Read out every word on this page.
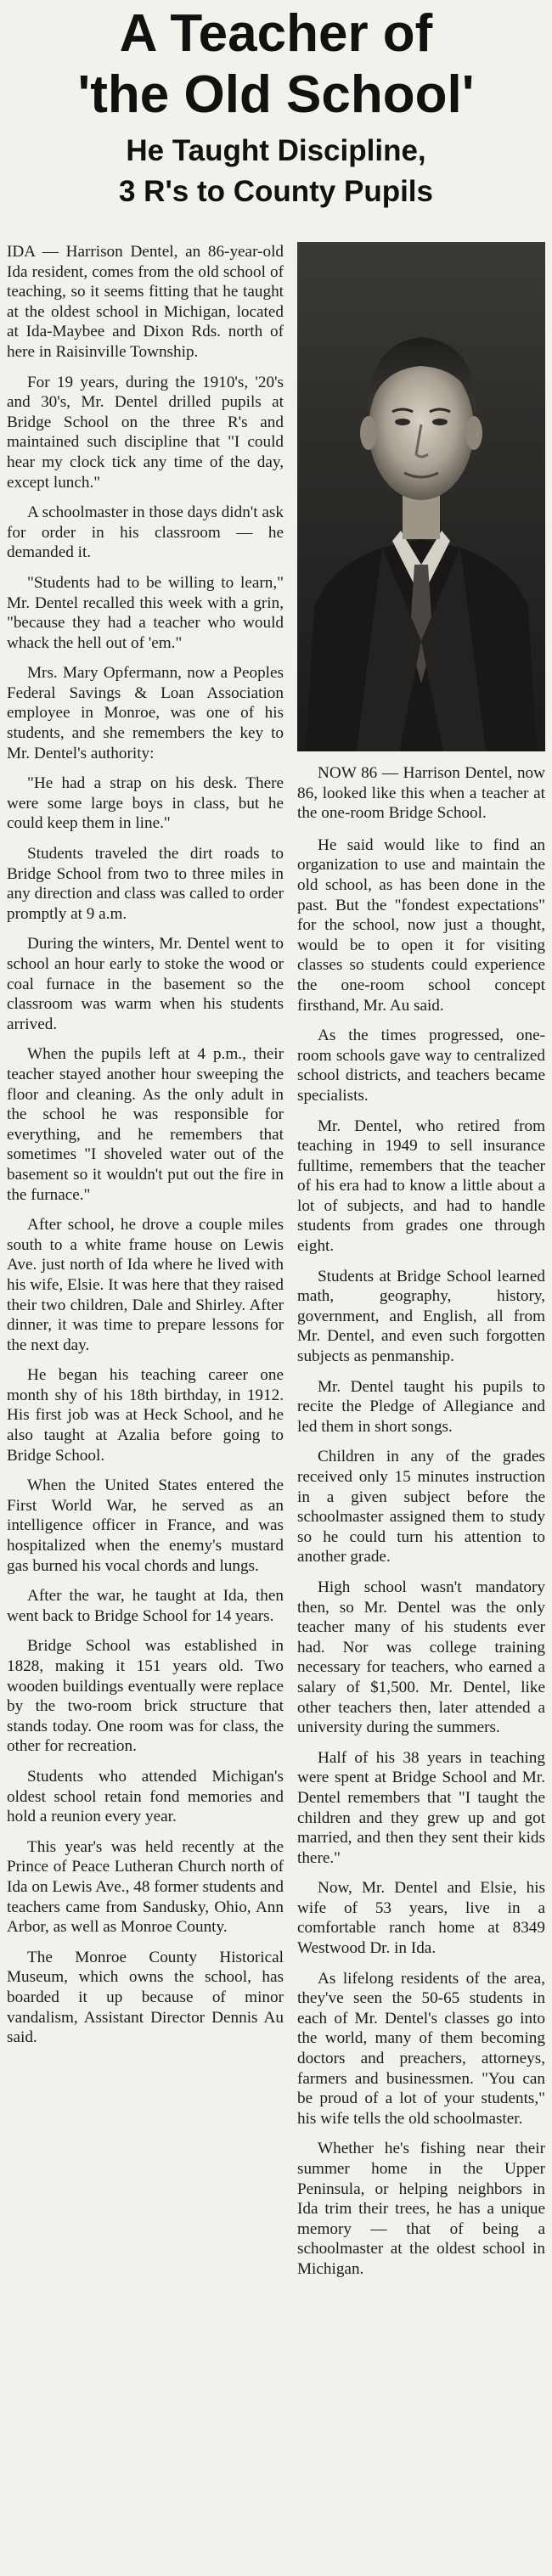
A Teacher of
'the Old School'
He Taught Discipline,
3 R's to County Pupils

IDA — Harrison Dentel, an 86-year-old Ida resident, comes from the old school of teaching, so it seems fitting that he taught at the oldest school in Michigan, located at Ida-Maybee and Dixon Rds. north of here in Raisinville Township.

For 19 years, during the 1910's, '20's and 30's, Mr. Dentel drilled pupils at Bridge School on the three R's and maintained such discipline that "I could hear my clock tick any time of the day, except lunch."

A schoolmaster in those days didn't ask for order in his classroom — he demanded it.

"Students had to be willing to learn," Mr. Dentel recalled this week with a grin, "because they had a teacher who would whack the hell out of 'em."

Mrs. Mary Opfermann, now a Peoples Federal Savings & Loan Association employee in Monroe, was one of his students, and she remembers the key to Mr. Dentel's authority:

"He had a strap on his desk. There were some large boys in class, but he could keep them in line."

Students traveled the dirt roads to Bridge School from two to three miles in any direction and class was called to order promptly at 9 a.m.

During the winters, Mr. Dentel went to school an hour early to stoke the wood or coal furnace in the basement so the classroom was warm when his students arrived.

When the pupils left at 4 p.m., their teacher stayed another hour sweeping the floor and cleaning. As the only adult in the school he was responsible for everything, and he remembers that sometimes "I shoveled water out of the basement so it wouldn't put out the fire in the furnace."

After school, he drove a couple miles south to a white frame house on Lewis Ave. just north of Ida where he lived with his wife, Elsie. It was here that they raised their two children, Dale and Shirley. After dinner, it was time to prepare lessons for the next day.

He began his teaching career one month shy of his 18th birthday, in 1912. His first job was at Heck School, and he also taught at Azalia before going to Bridge School.

When the United States entered the First World War, he served as an intelligence officer in France, and was hospitalized when the enemy's mustard gas burned his vocal chords and lungs.

After the war, he taught at Ida, then went back to Bridge School for 14 years.

Bridge School was established in 1828, making it 151 years old. Two wooden buildings eventually were replace by the two-room brick structure that stands today. One room was for class, the other for recreation.

Students who attended Michigan's oldest school retain fond memories and hold a reunion every year.

This year's was held recently at the Prince of Peace Lutheran Church north of Ida on Lewis Ave., 48 former students and teachers came from Sandusky, Ohio, Ann Arbor, as well as Monroe County.

The Monroe County Historical Museum, which owns the school, has boarded it up because of minor vandalism, Assistant Director Dennis Au said.

NOW 86 — Harrison Dentel, now 86, looked like this when a teacher at the one-room Bridge School.

He said would like to find an organization to use and maintain the old school, as has been done in the past. But the "fondest expectations" for the school, now just a thought, would be to open it for visiting classes so students could experience the one-room school concept firsthand, Mr. Au said.

As the times progressed, one-room schools gave way to centralized school districts, and teachers became specialists.

Mr. Dentel, who retired from teaching in 1949 to sell insurance fulltime, remembers that the teacher of his era had to know a little about a lot of subjects, and had to handle students from grades one through eight.

Students at Bridge School learned math, geography, history, government, and English, all from Mr. Dentel, and even such forgotten subjects as penmanship.

Mr. Dentel taught his pupils to recite the Pledge of Allegiance and led them in short songs.

Children in any of the grades received only 15 minutes instruction in a given subject before the schoolmaster assigned them to study so he could turn his attention to another grade.

High school wasn't mandatory then, so Mr. Dentel was the only teacher many of his students ever had. Nor was college training necessary for teachers, who earned a salary of $1,500. Mr. Dentel, like other teachers then, later attended a university during the summers.

Half of his 38 years in teaching were spent at Bridge School and Mr. Dentel remembers that "I taught the children and they grew up and got married, and then they sent their kids there."

Now, Mr. Dentel and Elsie, his wife of 53 years, live in a comfortable ranch home at 8349 Westwood Dr. in Ida.

As lifelong residents of the area, they've seen the 50-65 students in each of Mr. Dentel's classes go into the world, many of them becoming doctors and preachers, attorneys, farmers and businessmen. "You can be proud of a lot of your students," his wife tells the old schoolmaster.

Whether he's fishing near their summer home in the Upper Peninsula, or helping neighbors in Ida trim their trees, he has a unique memory — that of being a schoolmaster at the oldest school in Michigan.
